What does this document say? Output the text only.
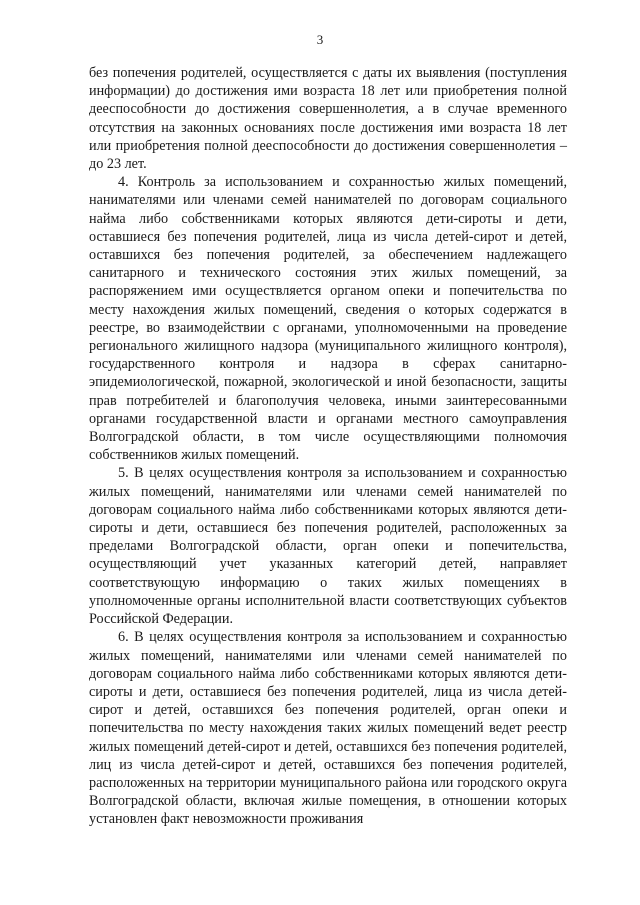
3

без попечения родителей, осуществляется с даты их выявления (поступления информации) до достижения ими возраста 18 лет или приобретения полной дееспособности до достижения совершеннолетия, а в случае временного отсутствия на законных основаниях после достижения ими возраста 18 лет или приобретения полной дееспособности до достижения совершеннолетия – до 23 лет.

4. Контроль за использованием и сохранностью жилых помещений, нанимателями или членами семей нанимателей по договорам социального найма либо собственниками которых являются дети-сироты и дети, оставшиеся без попечения родителей, лица из числа детей-сирот и детей, оставшихся без попечения родителей, за обеспечением надлежащего санитарного и технического состояния этих жилых помещений, за распоряжением ими осуществляется органом опеки и попечительства по месту нахождения жилых помещений, сведения о которых содержатся в реестре, во взаимодействии с органами, уполномоченными на проведение регионального жилищного надзора (муниципального жилищного контроля), государственного контроля и надзора в сферах санитарно-эпидемиологической, пожарной, экологической и иной безопасности, защиты прав потребителей и благополучия человека, иными заинтересованными органами государственной власти и органами местного самоуправления Волгоградской области, в том числе осуществляющими полномочия собственников жилых помещений.

5. В целях осуществления контроля за использованием и сохранностью жилых помещений, нанимателями или членами семей нанимателей по договорам социального найма либо собственниками которых являются дети-сироты и дети, оставшиеся без попечения родителей, расположенных за пределами Волгоградской области, орган опеки и попечительства, осуществляющий учет указанных категорий детей, направляет соответствующую информацию о таких жилых помещениях в уполномоченные органы исполнительной власти соответствующих субъектов Российской Федерации.

6. В целях осуществления контроля за использованием и сохранностью жилых помещений, нанимателями или членами семей нанимателей по договорам социального найма либо собственниками которых являются дети-сироты и дети, оставшиеся без попечения родителей, лица из числа детей-сирот и детей, оставшихся без попечения родителей, орган опеки и попечительства по месту нахождения таких жилых помещений ведет реестр жилых помещений детей-сирот и детей, оставшихся без попечения родителей, лиц из числа детей-сирот и детей, оставшихся без попечения родителей, расположенных на территории муниципального района или городского округа Волгоградской области, включая жилые помещения, в отношении которых установлен факт невозможности проживания
